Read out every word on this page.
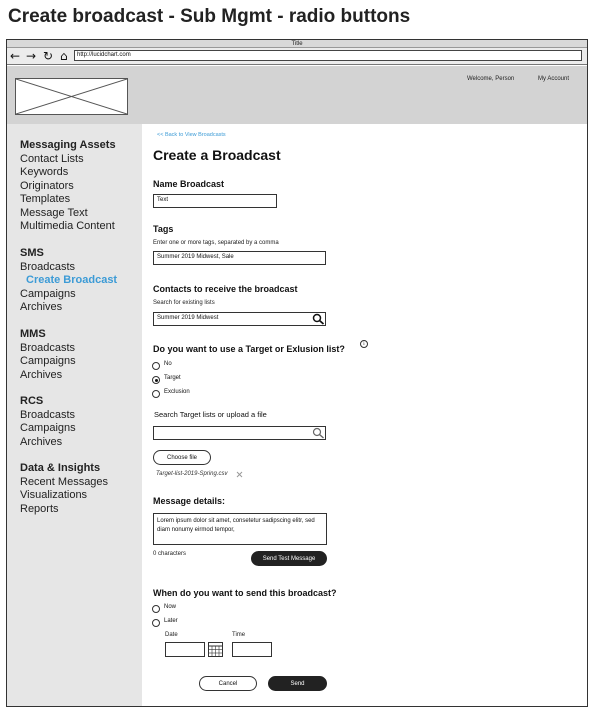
Create broadcast - Sub Mgmt - radio buttons
Title
← → ↻ ⌂	http://lucidchart.com
Welcome, Person	My Account
Messaging Assets
Contact Lists
Keywords
Originators
Templates
Message Text
Multimedia Content
SMS
Broadcasts
Create Broadcast
Campaigns
Archives
MMS
Broadcasts
Campaigns
Archives
RCS
Broadcasts
Campaigns
Archives
Data & Insights
Recent Messages
Visualizations
Reports
<< Back to View Broadcasts
Create a Broadcast
Name Broadcast
Text
Tags
Enter one or more tags, separated by a comma
Summer 2019 Midwest, Sale
Contacts to receive the broadcast
Search for existing lists
Summer 2019 Midwest
Do you want to use a Target or Exlusion list?	i
No
Target
Exclusion
Search Target lists or upload a file
Choose file
Target-list-2019-Spring.csv
Message details:
Lorem ipsum dolor sit amet, consetetur sadipscing elitr, sed diam nonumy eirmod tempor,
0 characters
Send Test Message
When do you want to send this broadcast?
Now
Later
Date	Time
Cancel	Send
